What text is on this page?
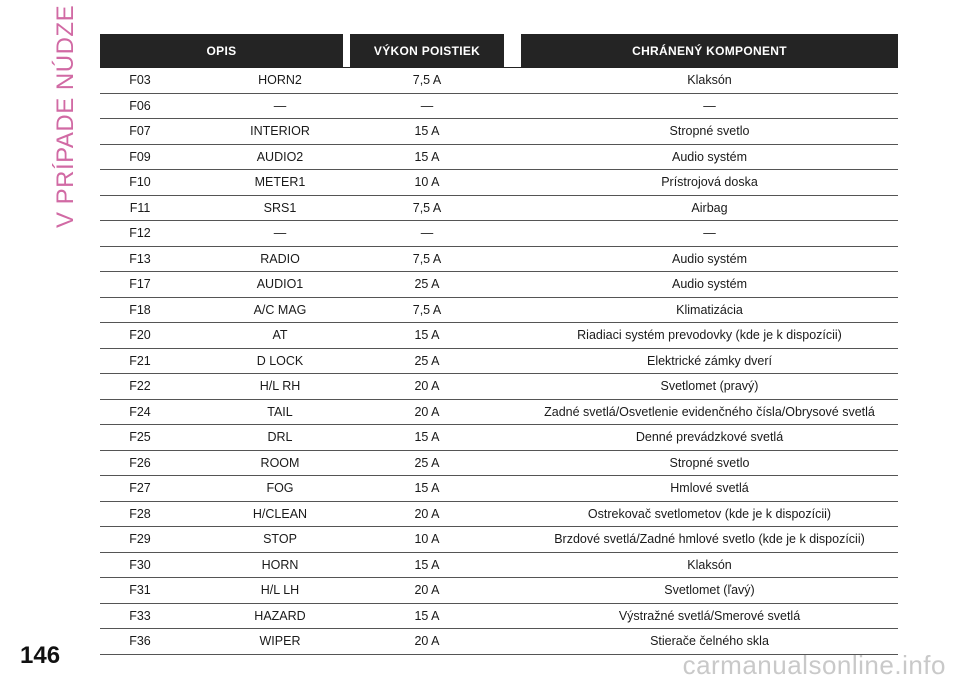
V PRÍPADE NÚDZE	OPIS	VÝKON POISTIEK	CHRÁNENÝ KOMPONENT
F03	HORN2	7,5 A	Klaksón
F06	—	—	—
F07	INTERIOR	15 A	Stropné svetlo
F09	AUDIO2	15 A	Audio systém
F10	METER1	10 A	Prístrojová doska
F11	SRS1	7,5 A	Airbag
F12	—	—	—
F13	RADIO	7,5 A	Audio systém
F17	AUDIO1	25 A	Audio systém
F18	A/C MAG	7,5 A	Klimatizácia
F20	AT	15 A	Riadiaci systém prevodovky (kde je k dispozícii)
F21	D LOCK	25 A	Elektrické zámky dverí
F22	H/L RH	20 A	Svetlomet (pravý)
F24	TAIL	20 A	Zadné svetlá/Osvetlenie evidenčného čísla/Obrysové svetlá
F25	DRL	15 A	Denné prevádzkové svetlá
F26	ROOM	25 A	Stropné svetlo
F27	FOG	15 A	Hmlové svetlá
F28	H/CLEAN	20 A	Ostrekovač svetlometov (kde je k dispozícii)
F29	STOP	10 A	Brzdové svetlá/Zadné hmlové svetlo (kde je k dispozícii)
F30	HORN	15 A	Klaksón
F31	H/L LH	20 A	Svetlomet (ľavý)
F33	HAZARD	15 A	Výstražné svetlá/Smerové svetlá
F36	WIPER	20 A	Stierače čelného skla
146	carmanualsonline.info
